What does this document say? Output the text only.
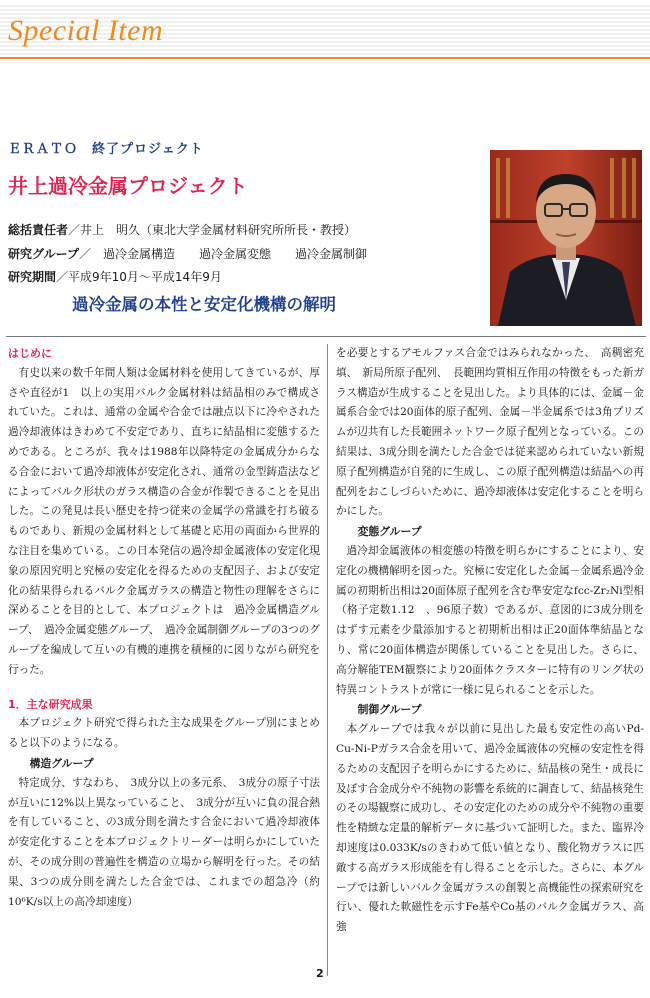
Special Item
ＥＲＡＴＯ　終了プロジェクト
井上過冷金属プロジェクト
総括責任者／井上　明久（東北大学金属材料研究所所長・教授）
研究グループ／　過冷金属構造　　過冷金属変態　　過冷金属制御
研究期間／平成9年10月～平成14年9月
過冷金属の本性と安定化機構の解明
はじめに

有史以来の数千年間人類は金属材料を使用してきているが、厚さや直径が1　以上の実用バルク金属材料は結晶相のみで構成されていた。これは、通常の金属や合金では融点以下に冷やされた過冷却液体はきわめて不安定であり、直ちに結晶相に変態するためである。ところが、我々は1988年以降特定の金属成分からなる合金において過冷却液体が安定化され、通常の金型鋳造法などによってバルク形状のガラス構造の合金が作製できることを見出した。この発見は長い歴史を持つ従来の金属学の常識を打ち破るものであり、新規の金属材料として基礎と応用の両面から世界的な注目を集めている。この日本発信の過冷却金属液体の安定化現象の原因究明と究極の安定化を得るための支配因子、および安定化の結果得られるバルク金属ガラスの構造と物性の理解をさらに深めることを目的として、本プロジェクトは　過冷金属構造グループ、　過冷金属変態グループ、　過冷金属制御グループの3つのグループを編成して互いの有機的連携を積極的に図りながら研究を行った。

1．主な研究成果

本プロジェクト研究で得られた主な成果をグループ別にまとめると以下のようになる。

構造グループ

特定成分、すなわち、　3成分以上の多元系、　3成分の原子寸法が互いに12%以上異なっていること、　3成分が互いに負の混合熱を有していること、の3成分則を満たす合金において過冷却液体が安定化することを本プロジェクトリーダーは明らかにしていたが、その成分則の普遍性を構造の立場から解明を行った。その結果、3つの成分則を満たした合金では、これまでの超急冷（約10⁶K/s以上の高冷却速度）

を必要とするアモルファス合金ではみられなかった、　高稠密充填、　新局所原子配列、　長範囲均質相互作用の特徴をもった新ガラス構造が生成することを見出した。より具体的には、金属－金属系合金では20面体的原子配列、金属－半金属系では3角プリズムが辺共有した長範囲ネットワーク原子配列となっている。この結果は、3成分則を満たした合金では従来認められていない新規原子配列構造が自発的に生成し、この原子配列構造は結晶への再配列をおこしづらいために、過冷却液体は安定化することを明らかにした。

変態グループ

過冷却金属液体の相変態の特徴を明らかにすることにより、安定化の機構解明を図った。究極に安定化した金属－金属系過冷金属の初期析出相は20面体原子配列を含む準安定なfcc-Zr₂Ni型相（格子定数1.12　、96原子数）であるが、意図的に3成分則をはずす元素を少量添加すると初期析出相は正20面体準結晶となり、常に20面体構造が関係していることを見出した。さらに、高分解能TEM観察により20面体クラスターに特有のリング状の特異コントラストが常に一様に見られることを示した。

制御グループ

本グループでは我々が以前に見出した最も安定性の高いPd-Cu-Ni-Pガラス合金を用いて、過冷金属液体の究極の安定性を得るための支配因子を明らかにするために、結晶核の発生・成長に及ぼす合金成分や不純物の影響を系統的に調査して、結晶核発生のその場観察に成功し、その安定化のための成分や不純物の重要性を精緻な定量的解析データに基づいて証明した。また、臨界冷却速度は0.033K/sのきわめて低い値となり、酸化物ガラスに匹敵する高ガラス形成能を有し得ることを示した。さらに、本グループでは新しいバルク金属ガラスの創製と高機能性の探索研究を行い、優れた軟磁性を示すFe基やCo基のバルク金属ガラス、高強

2
